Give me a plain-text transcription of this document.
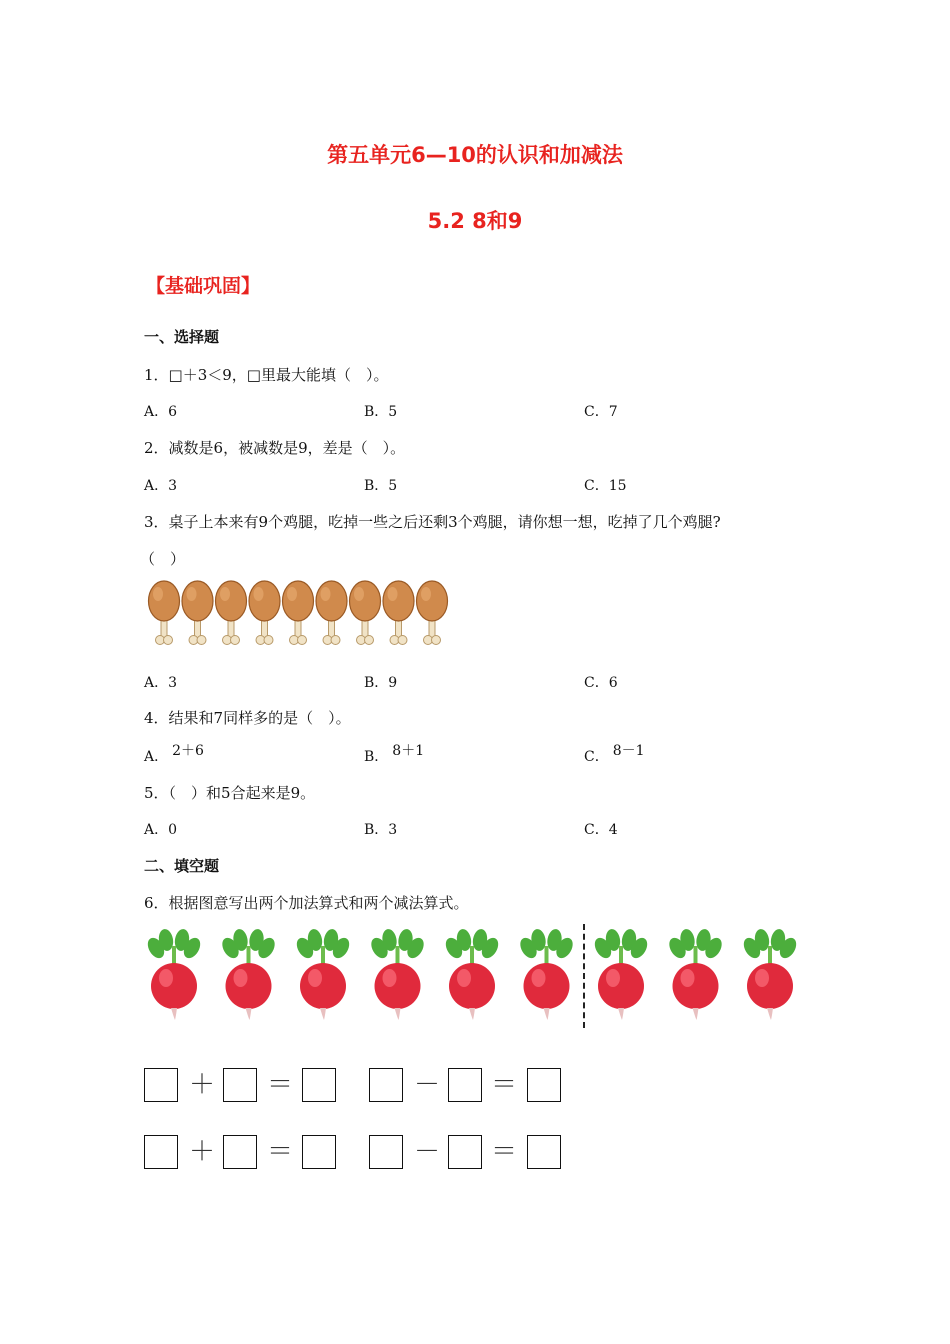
第五单元6—10的认识和加减法
5.2 8和9
【基础巩固】
一、选择题
1．□＋3＜9，□里最大能填（　）。
A．6	B．5	C．7
2．减数是6，被减数是9，差是（　）。
A．3	B．5	C．15
3．桌子上本来有9个鸡腿，吃掉一些之后还剩3个鸡腿，请你想一想，吃掉了几个鸡腿?
（　）
A．3	B．9	C．6
4．结果和7同样多的是（　）。
A． 2＋6	B． 8＋1	C． 8－1
5．（　）和5合起来是9。
A．0	B．3	C．4
二、填空题
6．根据图意写出两个加法算式和两个减法算式。
＋ ＝	－ ＝
＋ ＝	－ ＝
